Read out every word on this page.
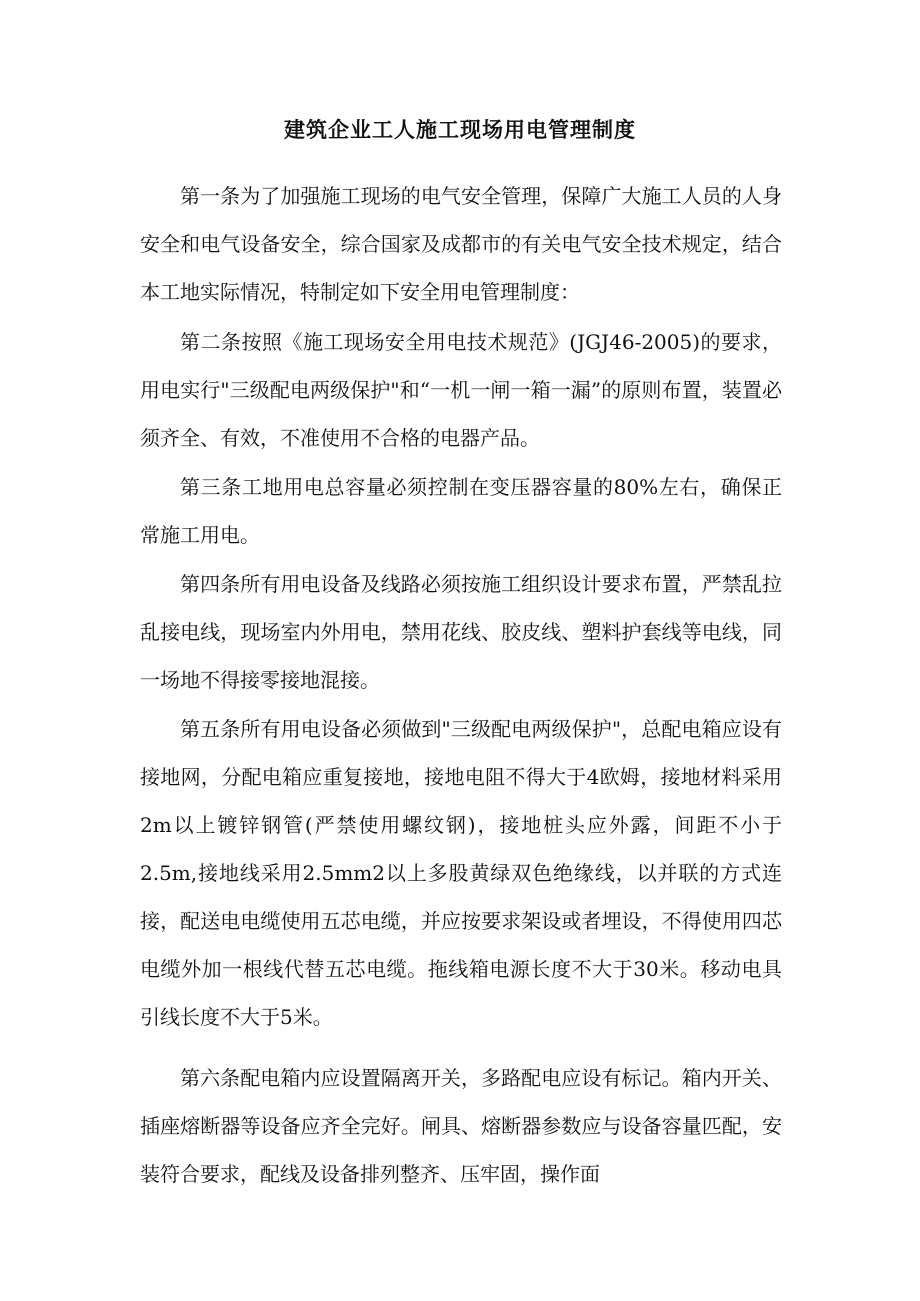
建筑企业工人施工现场用电管理制度

第一条为了加强施工现场的电气安全管理，保障广大施工人员的人身安全和电气设备安全，综合国家及成都市的有关电气安全技术规定，结合本工地实际情况，特制定如下安全用电管理制度：

第二条按照《施工现场安全用电技术规范》(JGJ46-2005)的要求，用电实行"三级配电两级保护"和“一机一闸一箱一漏”的原则布置，装置必须齐全、有效，不准使用不合格的电器产品。

第三条工地用电总容量必须控制在变压器容量的80%左右，确保正常施工用电。

第四条所有用电设备及线路必须按施工组织设计要求布置，严禁乱拉乱接电线，现场室内外用电，禁用花线、胶皮线、塑料护套线等电线，同一场地不得接零接地混接。

第五条所有用电设备必须做到"三级配电两级保护"，总配电箱应设有接地网，分配电箱应重复接地，接地电阻不得大于4欧姆，接地材料采用2m以上镀锌钢管(严禁使用螺纹钢)，接地桩头应外露，间距不小于2.5m,接地线采用2.5mm2以上多股黄绿双色绝缘线，以并联的方式连接，配送电电缆使用五芯电缆，并应按要求架设或者埋设，不得使用四芯电缆外加一根线代替五芯电缆。拖线箱电源长度不大于30米。移动电具引线长度不大于5米。

第六条配电箱内应设置隔离开关，多路配电应设有标记。箱内开关、插座熔断器等设备应齐全完好。闸具、熔断器参数应与设备容量匹配，安装符合要求，配线及设备排列整齐、压牢固，操作面
